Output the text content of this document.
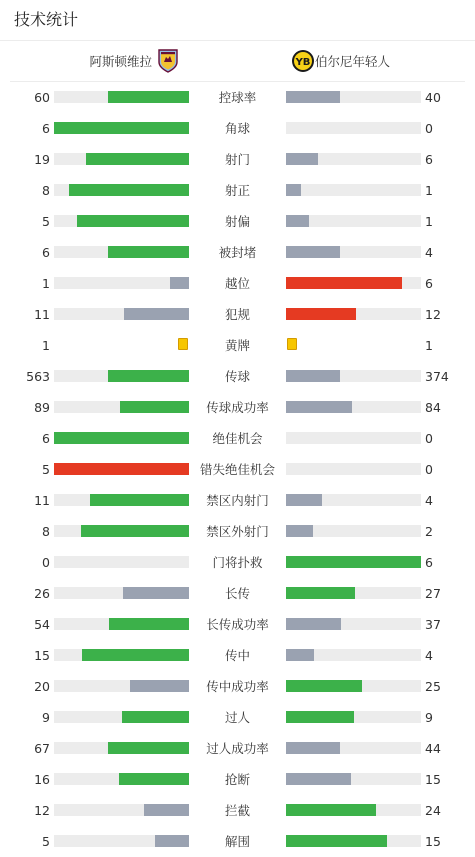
技术统计
阿斯顿维拉	YB 伯尔尼年轻人
60	控球率	40
6	角球	0
19	射门	6
8	射正	1
5	射偏	1
6	被封堵	4
1	越位	6
11	犯规	12
1	黄牌	1
563	传球	374
89	传球成功率	84
6	绝佳机会	0
5	错失绝佳机会	0
11	禁区内射门	4
8	禁区外射门	2
0	门将扑救	6
26	长传	27
54	长传成功率	37
15	传中	4
20	传中成功率	25
9	过人	9
67	过人成功率	44
16	抢断	15
12	拦截	24
5	解围	15
